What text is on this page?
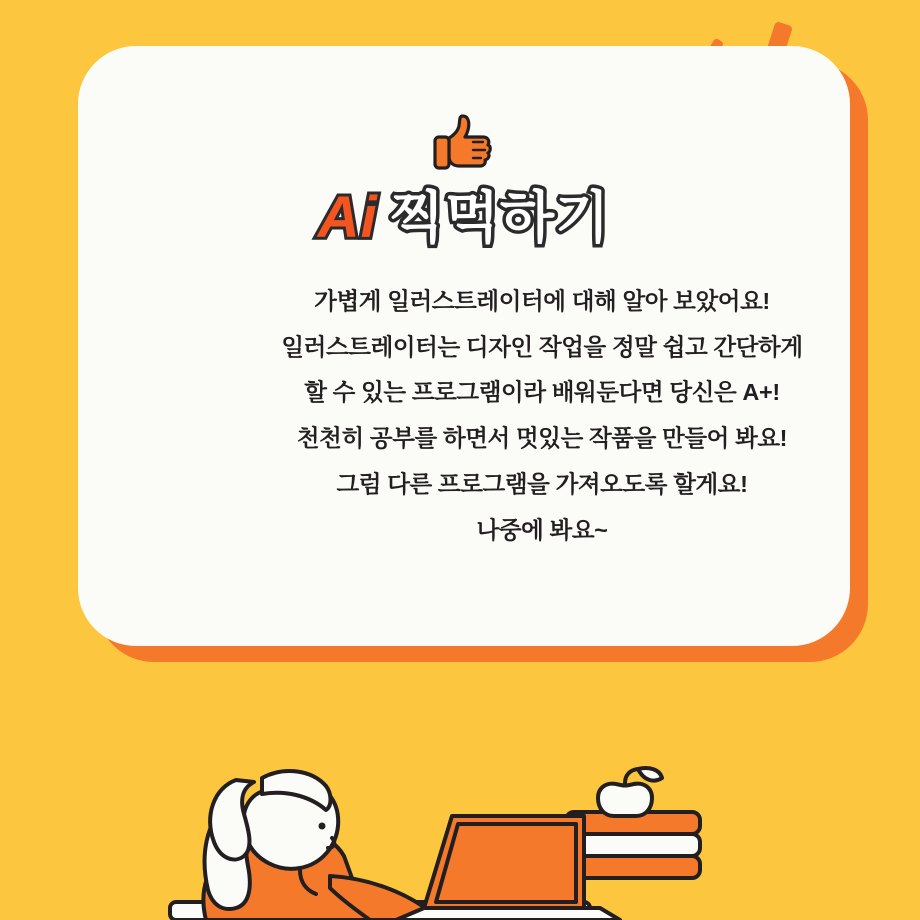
Ai 찍먹하기

가볍게 일러스트레이터에 대해 알아 보았어요!

일러스트레이터는 디자인 작업을 정말 쉽고 간단하게

할 수 있는 프로그램이라 배워둔다면 당신은 A+!

천천히 공부를 하면서 멋있는 작품을 만들어 봐요!

그럼 다른 프로그램을 가져오도록 할게요!

나중에 봐요~
